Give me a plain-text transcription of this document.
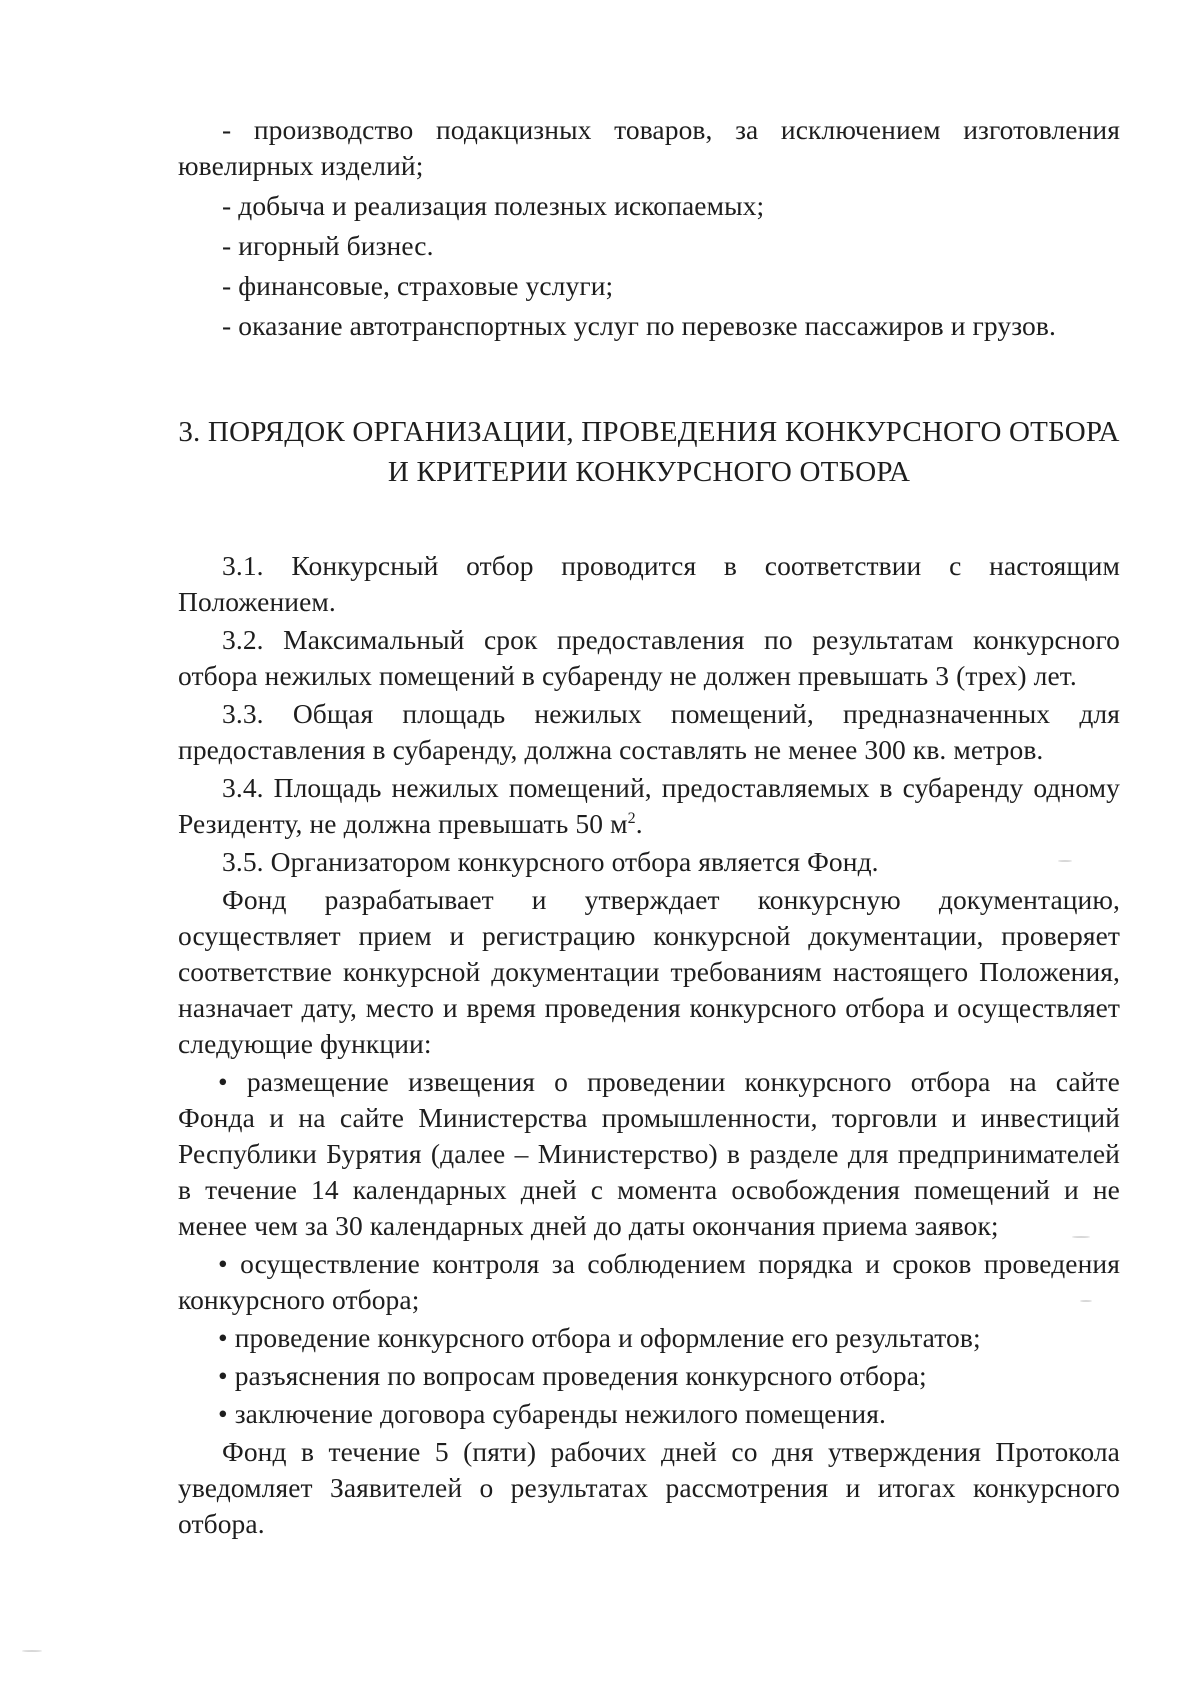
- производство подакцизных товаров, за исключением изготовления
ювелирных изделий;
- добыча и реализация полезных ископаемых;
- игорный бизнес.
- финансовые, страховые услуги;
- оказание автотранспортных услуг по перевозке пассажиров и грузов.
3. ПОРЯДОК ОРГАНИЗАЦИИ, ПРОВЕДЕНИЯ КОНКУРСНОГО ОТБОРА
И КРИТЕРИИ КОНКУРСНОГО ОТБОРА
3.1. Конкурсный отбор проводится в соответствии с настоящим
Положением.
3.2. Максимальный срок предоставления по результатам конкурсного
отбора нежилых помещений в субаренду не должен превышать 3 (трех) лет.
3.3. Общая площадь нежилых помещений, предназначенных для
предоставления в субаренду, должна составлять не менее 300 кв. метров.
3.4. Площадь нежилых помещений, предоставляемых в субаренду одному
Резиденту, не должна превышать 50 $м^2$.
3.5. Организатором конкурсного отбора является Фонд.
Фонд разрабатывает и утверждает конкурсную документацию,
осуществляет прием и регистрацию конкурсной документации, проверяет
соответствие конкурсной документации требованиям настоящего Положения,
назначает дату, место и время проведения конкурсного отбора и осуществляет
следующие функции:
• размещение извещения о проведении конкурсного отбора на сайте
Фонда и на сайте Министерства промышленности, торговли и инвестиций
Республики Бурятия (далее – Министерство) в разделе для предпринимателей
в течение 14 календарных дней с момента освобождения помещений и не
менее чем за 30 календарных дней до даты окончания приема заявок;
• осуществление контроля за соблюдением порядка и сроков проведения
конкурсного отбора;
• проведение конкурсного отбора и оформление его результатов;
• разъяснения по вопросам проведения конкурсного отбора;
• заключение договора субаренды нежилого помещения.
Фонд в течение 5 (пяти) рабочих дней со дня утверждения Протокола
уведомляет Заявителей о результатах рассмотрения и итогах конкурсного
отбора.
